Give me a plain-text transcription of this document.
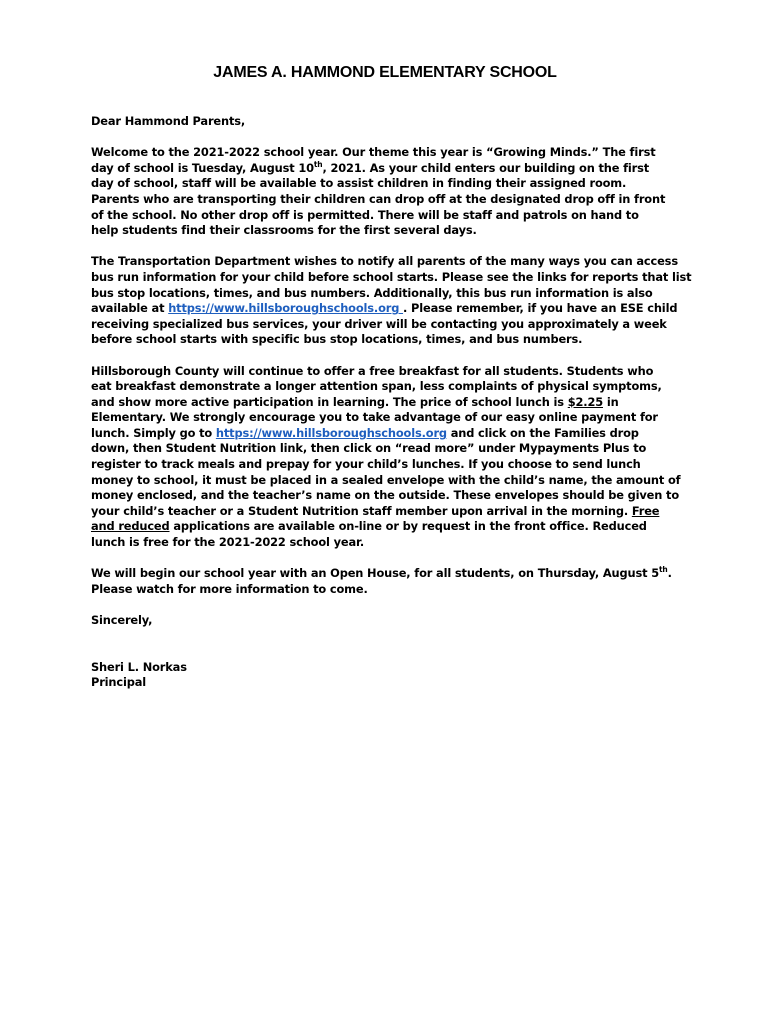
JAMES A. HAMMOND ELEMENTARY SCHOOL

Dear Hammond Parents,

Welcome to the 2021-2022 school year. Our theme this year is “Growing Minds.” The first
day of school is Tuesday, August 10th, 2021. As your child enters our building on the first
day of school, staff will be available to assist children in finding their assigned room.
Parents who are transporting their children can drop off at the designated drop off in front
of the school. No other drop off is permitted. There will be staff and patrols on hand to
help students find their classrooms for the first several days.

The Transportation Department wishes to notify all parents of the many ways you can access
bus run information for your child before school starts. Please see the links for reports that list
bus stop locations, times, and bus numbers. Additionally, this bus run information is also
available at https://www.hillsboroughschools.org . Please remember, if you have an ESE child
receiving specialized bus services, your driver will be contacting you approximately a week
before school starts with specific bus stop locations, times, and bus numbers.

Hillsborough County will continue to offer a free breakfast for all students. Students who
eat breakfast demonstrate a longer attention span, less complaints of physical symptoms,
and show more active participation in learning. The price of school lunch is $2.25 in
Elementary. We strongly encourage you to take advantage of our easy online payment for
lunch. Simply go to https://www.hillsboroughschools.org and click on the Families drop
down, then Student Nutrition link, then click on “read more” under Mypayments Plus to
register to track meals and prepay for your child’s lunches. If you choose to send lunch
money to school, it must be placed in a sealed envelope with the child’s name, the amount of
money enclosed, and the teacher’s name on the outside. These envelopes should be given to
your child’s teacher or a Student Nutrition staff member upon arrival in the morning. Free
and reduced applications are available on-line or by request in the front office. Reduced
lunch is free for the 2021-2022 school year.

We will begin our school year with an Open House, for all students, on Thursday, August 5th.
Please watch for more information to come.

Sincerely,

Sheri L. Norkas
Principal
